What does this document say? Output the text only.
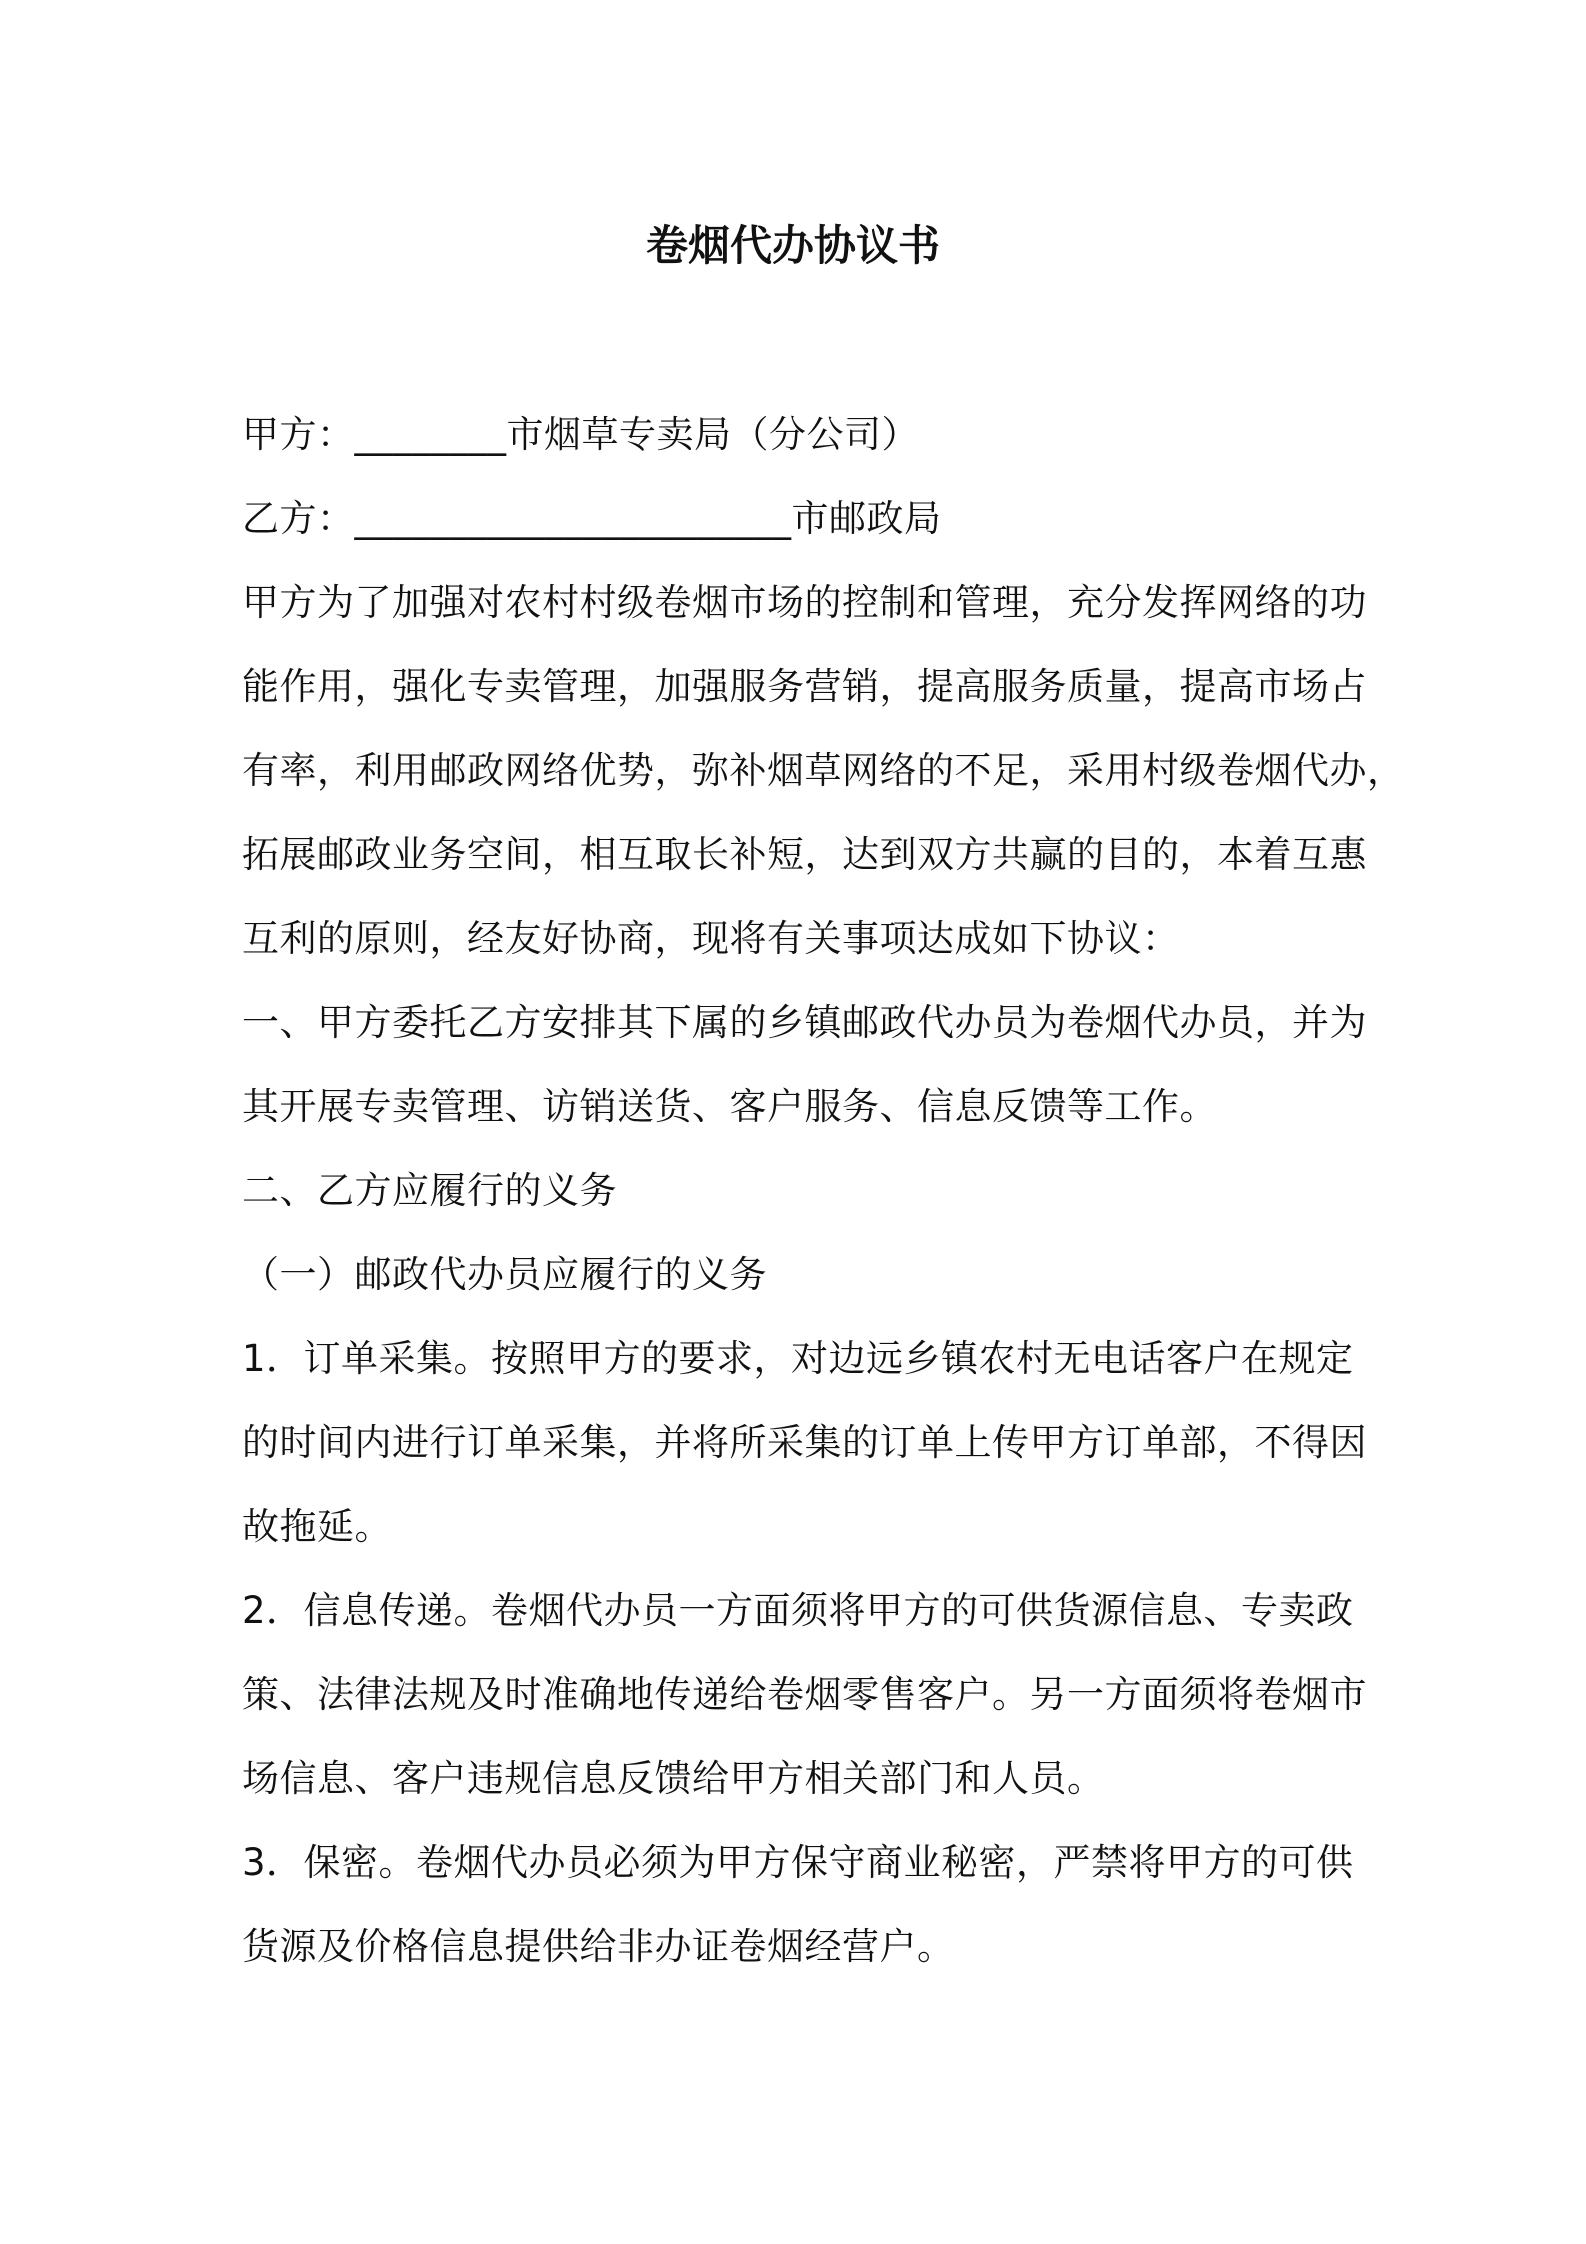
卷烟代办协议书
甲方：________市烟草专卖局（分公司）
乙方：_______________________市邮政局
甲方为了加强对农村村级卷烟市场的控制和管理，充分发挥网络的功
能作用，强化专卖管理，加强服务营销，提高服务质量，提高市场占
有率，利用邮政网络优势，弥补烟草网络的不足，采用村级卷烟代办，
拓展邮政业务空间，相互取长补短，达到双方共赢的目的，本着互惠
互利的原则，经友好协商，现将有关事项达成如下协议：
一、甲方委托乙方安排其下属的乡镇邮政代办员为卷烟代办员，并为
其开展专卖管理、访销送货、客户服务、信息反馈等工作。
二、乙方应履行的义务
（一）邮政代办员应履行的义务
1．订单采集。按照甲方的要求，对边远乡镇农村无电话客户在规定
的时间内进行订单采集，并将所采集的订单上传甲方订单部，不得因
故拖延。
2．信息传递。卷烟代办员一方面须将甲方的可供货源信息、专卖政
策、法律法规及时准确地传递给卷烟零售客户。另一方面须将卷烟市
场信息、客户违规信息反馈给甲方相关部门和人员。
3．保密。卷烟代办员必须为甲方保守商业秘密，严禁将甲方的可供
货源及价格信息提供给非办证卷烟经营户。
